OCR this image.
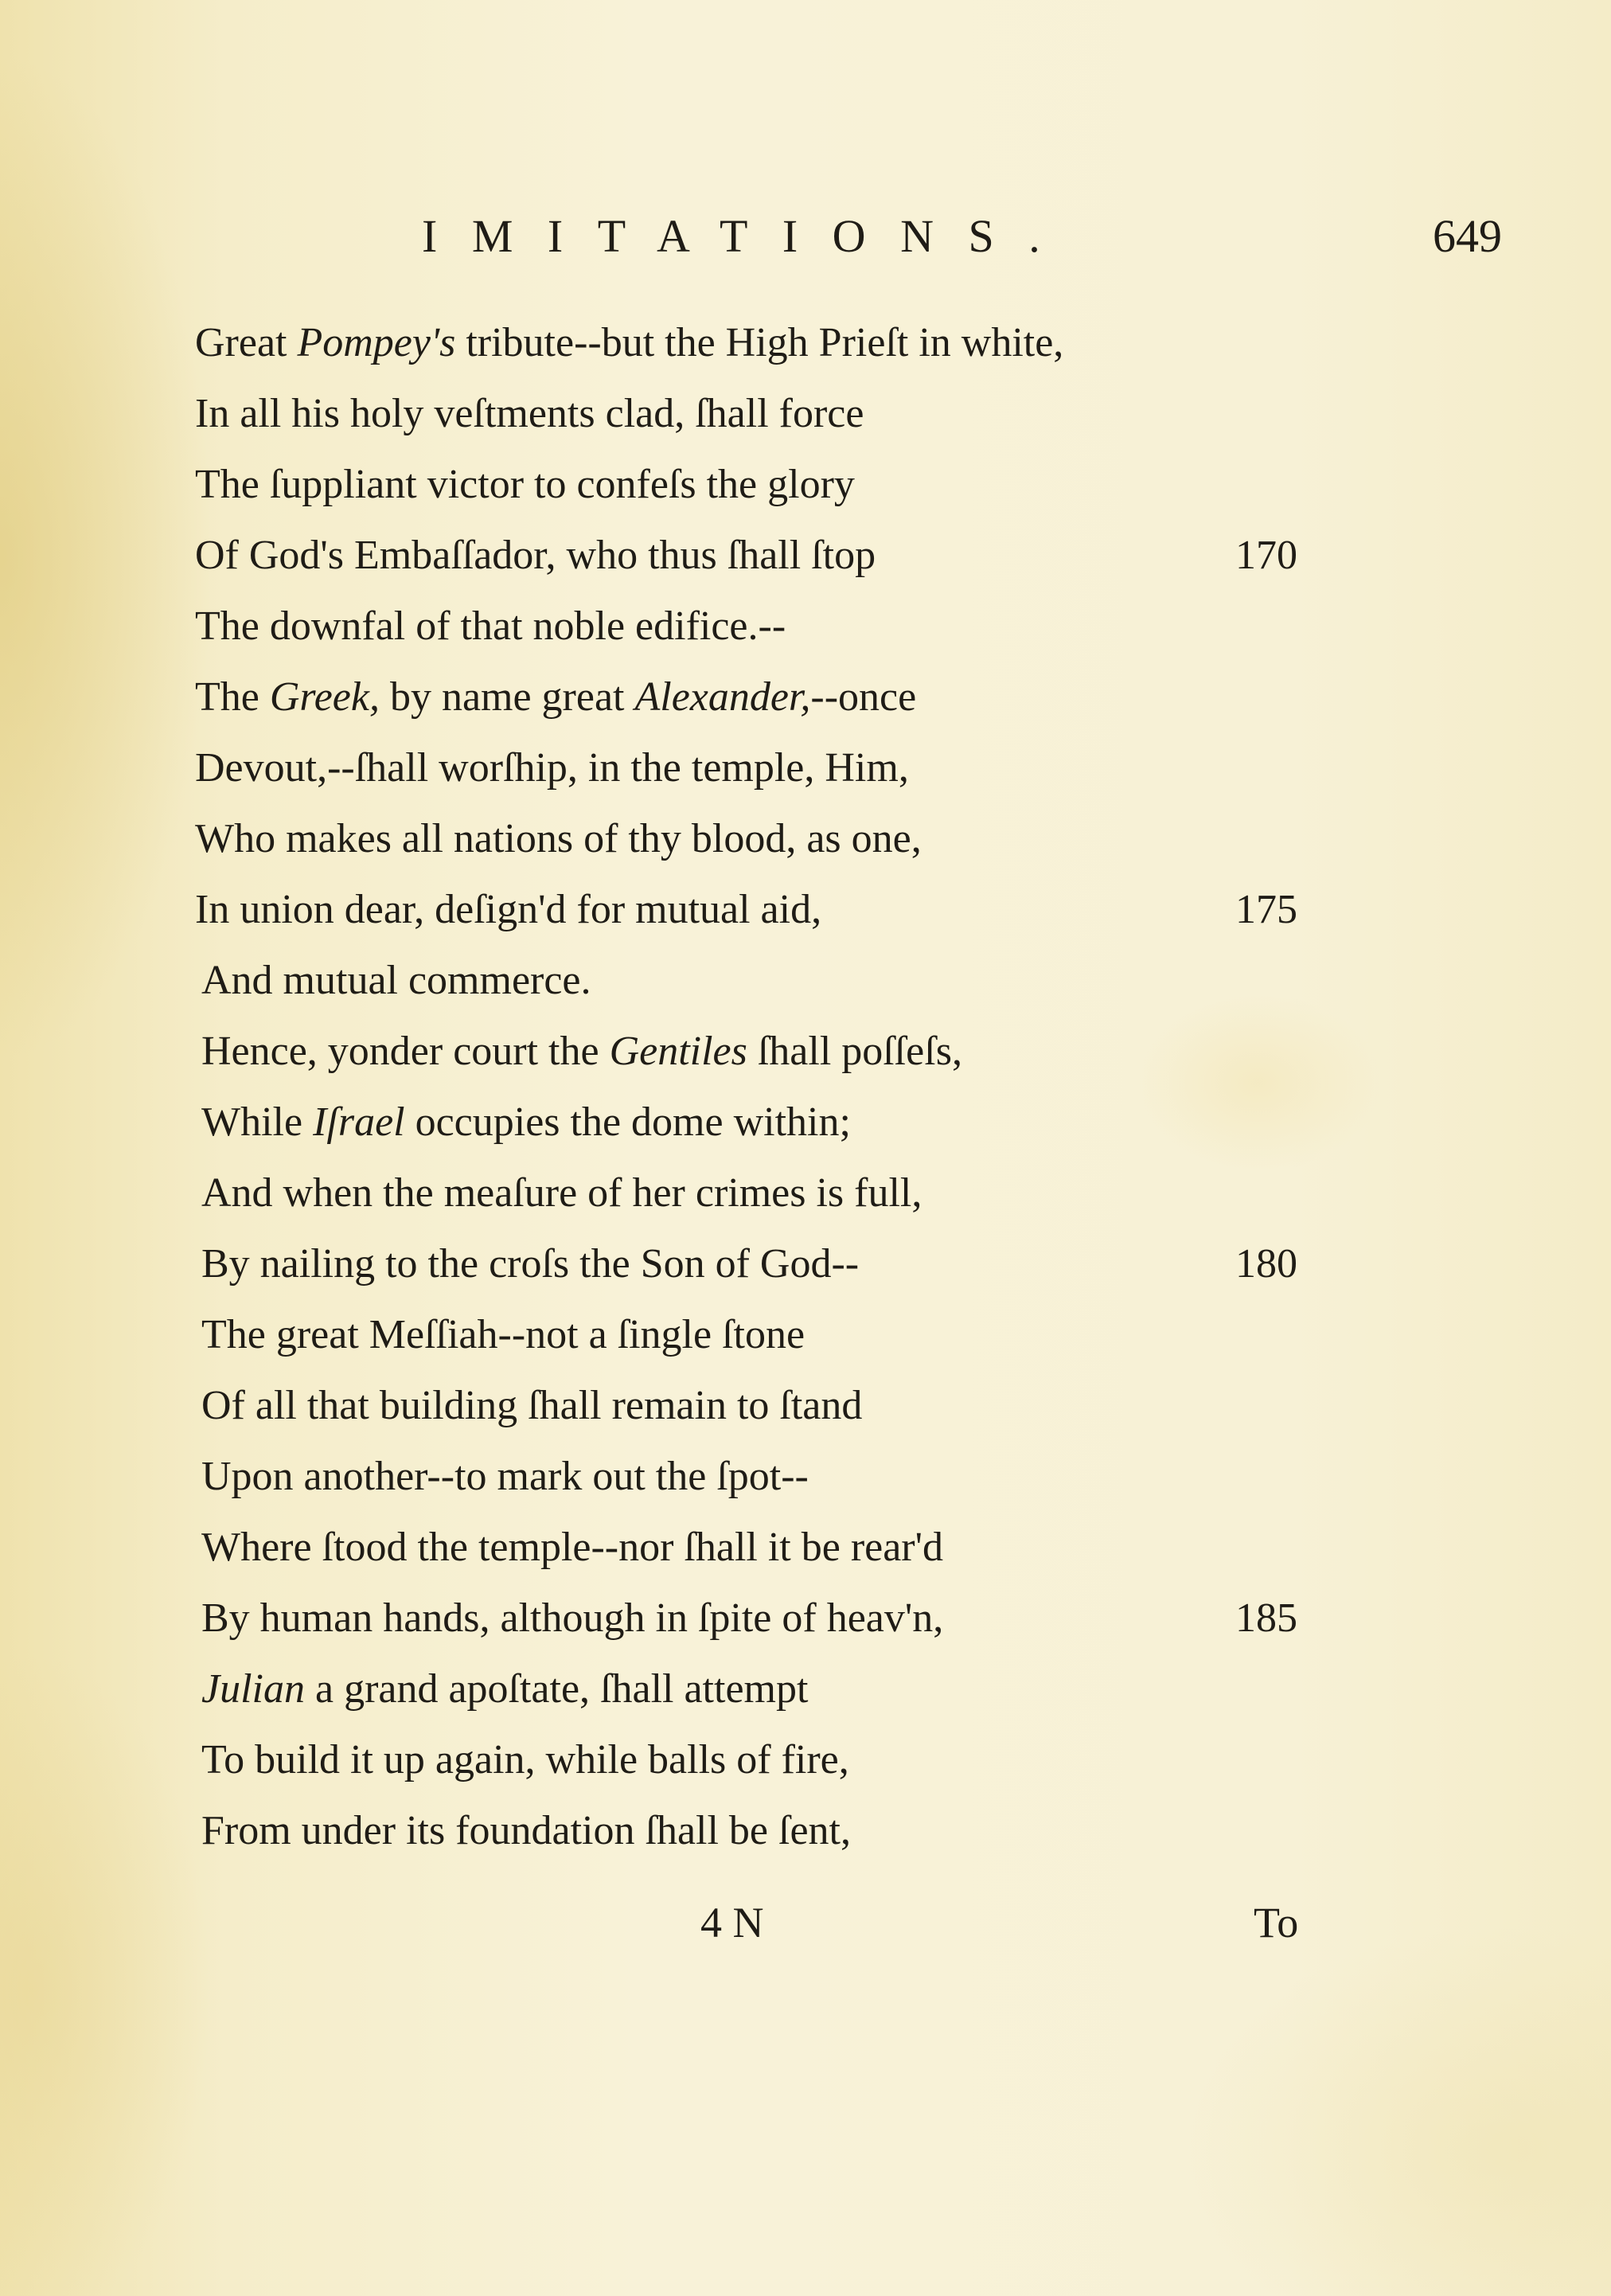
IMITATIONS.	649
Great Pompey's tribute--but the High Prieſt in white,
In all his holy veſtments clad, ſhall force
The ſuppliant victor to confeſs the glory
Of God's Embaſſador, who thus ſhall ſtop	170
The downfal of that noble edifice.--
The Greek, by name great Alexander,--once
Devout,--ſhall worſhip, in the temple, Him,
Who makes all nations of thy blood, as one,
In union dear, deſign'd for mutual aid,	175
And mutual commerce.
Hence, yonder court the Gentiles ſhall poſſeſs,
While Iſrael occupies the dome within;
And when the meaſure of her crimes is full,
By nailing to the croſs the Son of God--	180
The great Meſſiah--not a ſingle ſtone
Of all that building ſhall remain to ſtand
Upon another--to mark out the ſpot--
Where ſtood the temple--nor ſhall it be rear'd
By human hands, although in ſpite of heav'n,	185
Julian a grand apoſtate, ſhall attempt
To build it up again, while balls of fire,
From under its foundation ſhall be ſent,
4 N	To
